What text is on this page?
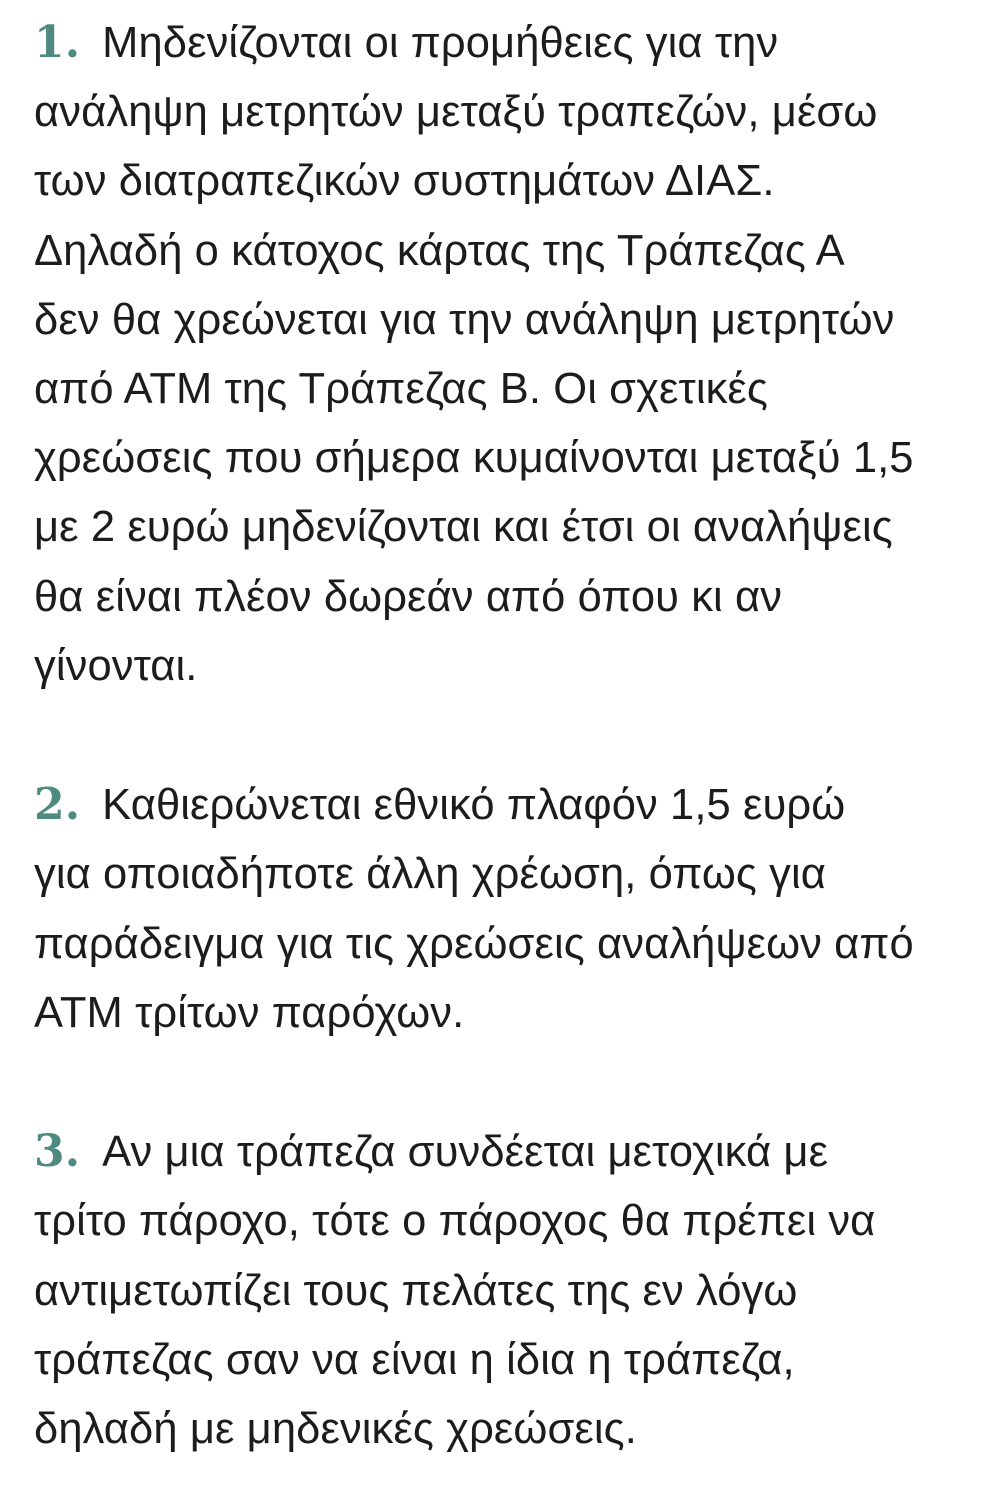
1. Μηδενίζονται οι προμήθειες για την
ανάληψη μετρητών μεταξύ τραπεζών, μέσω
των διατραπεζικών συστημάτων ΔΙΑΣ.
Δηλαδή ο κάτοχος κάρτας της Τράπεζας Α
δεν θα χρεώνεται για την ανάληψη μετρητών
από ΑΤΜ της Τράπεζας Β. Οι σχετικές
χρεώσεις που σήμερα κυμαίνονται μεταξύ 1,5
με 2 ευρώ μηδενίζονται και έτσι οι αναλήψεις
θα είναι πλέον δωρεάν από όπου κι αν
γίνονται.
2. Καθιερώνεται εθνικό πλαφόν 1,5 ευρώ
για οποιαδήποτε άλλη χρέωση, όπως για
παράδειγμα για τις χρεώσεις αναλήψεων από
ΑΤΜ τρίτων παρόχων.
3. Αν μια τράπεζα συνδέεται μετοχικά με
τρίτο πάροχο, τότε ο πάροχος θα πρέπει να
αντιμετωπίζει τους πελάτες της εν λόγω
τράπεζας σαν να είναι η ίδια η τράπεζα,
δηλαδή με μηδενικές χρεώσεις.
